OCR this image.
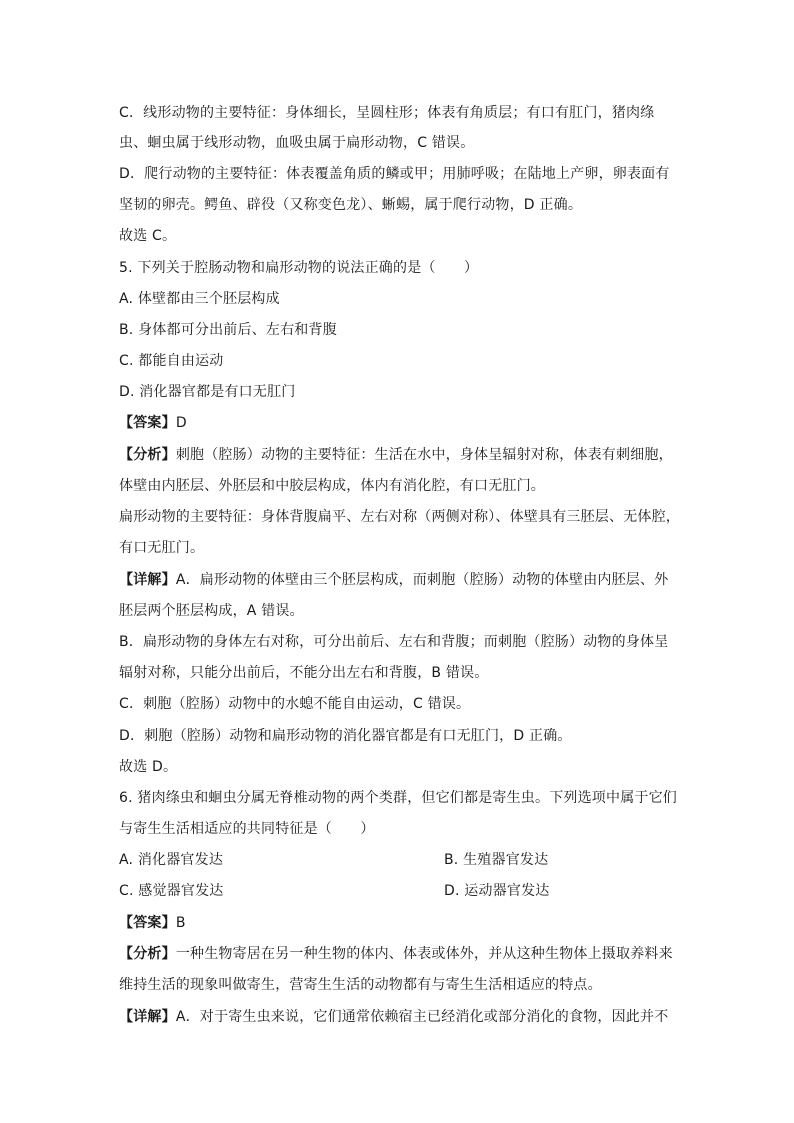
C．线形动物的主要特征：身体细长，呈圆柱形；体表有角质层；有口有肛门，猪肉绦
虫、蛔虫属于线形动物，血吸虫属于扁形动物，C 错误。
D．爬行动物的主要特征：体表覆盖角质的鳞或甲；用肺呼吸；在陆地上产卵，卵表面有
坚韧的卵壳。鳄鱼、辟役（又称变色龙）、蜥蜴，属于爬行动物，D 正确。
故选 C。
5. 下列关于腔肠动物和扁形动物的说法正确的是（　　）
A. 体壁都由三个胚层构成
B. 身体都可分出前后、左右和背腹
C. 都能自由运动
D. 消化器官都是有口无肛门
【答案】D
【分析】刺胞（腔肠）动物的主要特征：生活在水中，身体呈辐射对称，体表有刺细胞，
体壁由内胚层、外胚层和中胶层构成，体内有消化腔，有口无肛门。
扁形动物的主要特征：身体背腹扁平、左右对称（两侧对称）、体壁具有三胚层、无体腔，
有口无肛门。
【详解】A．扁形动物的体壁由三个胚层构成，而刺胞（腔肠）动物的体壁由内胚层、外
胚层两个胚层构成，A 错误。
B．扁形动物的身体左右对称，可分出前后、左右和背腹；而刺胞（腔肠）动物的身体呈
辐射对称，只能分出前后，不能分出左右和背腹，B 错误。
C．刺胞（腔肠）动物中的水螅不能自由运动，C 错误。
D．刺胞（腔肠）动物和扁形动物的消化器官都是有口无肛门，D 正确。
故选 D。
6. 猪肉绦虫和蛔虫分属无脊椎动物的两个类群，但它们都是寄生虫。下列选项中属于它们
与寄生生活相适应的共同特征是（　　）
A. 消化器官发达	B. 生殖器官发达
C. 感觉器官发达	D. 运动器官发达
【答案】B
【分析】一种生物寄居在另一种生物的体内、体表或体外，并从这种生物体上摄取养料来
维持生活的现象叫做寄生，营寄生生活的动物都有与寄生生活相适应的特点。
【详解】A．对于寄生虫来说，它们通常依赖宿主已经消化或部分消化的食物，因此并不
